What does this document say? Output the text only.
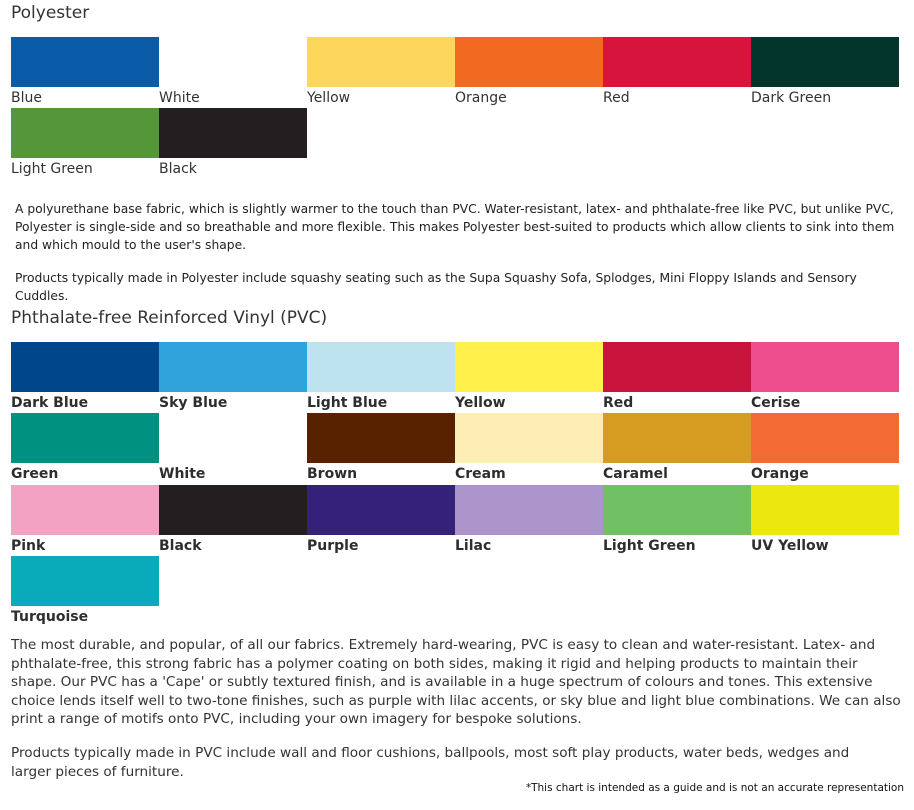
Polyester
Blue	White	Yellow	Orange	Red	Dark Green
Light Green	Black

A polyurethane base fabric, which is slightly warmer to the touch than PVC. Water-resistant, latex- and phthalate-free like PVC, but unlike PVC, Polyester is single-side and so breathable and more flexible. This makes Polyester best-suited to products which allow clients to sink into them and which mould to the user's shape.

Products typically made in Polyester include squashy seating such as the Supa Squashy Sofa, Splodges, Mini Floppy Islands and Sensory Cuddles.

Phthalate-free Reinforced Vinyl (PVC)
Dark Blue	Sky Blue	Light Blue	Yellow	Red	Cerise
Green	White	Brown	Cream	Caramel	Orange
Pink	Black	Purple	Lilac	Light Green	UV Yellow
Turquoise

The most durable, and popular, of all our fabrics. Extremely hard-wearing, PVC is easy to clean and water-resistant. Latex- and phthalate-free, this strong fabric has a polymer coating on both sides, making it rigid and helping products to maintain their shape. Our PVC has a 'Cape' or subtly textured finish, and is available in a huge spectrum of colours and tones. This extensive choice lends itself well to two-tone finishes, such as purple with lilac accents, or sky blue and light blue combinations. We can also print a range of motifs onto PVC, including your own imagery for bespoke solutions.

Products typically made in PVC include wall and floor cushions, ballpools, most soft play products, water beds, wedges and larger pieces of furniture.

*This chart is intended as a guide and is not an accurate representation
